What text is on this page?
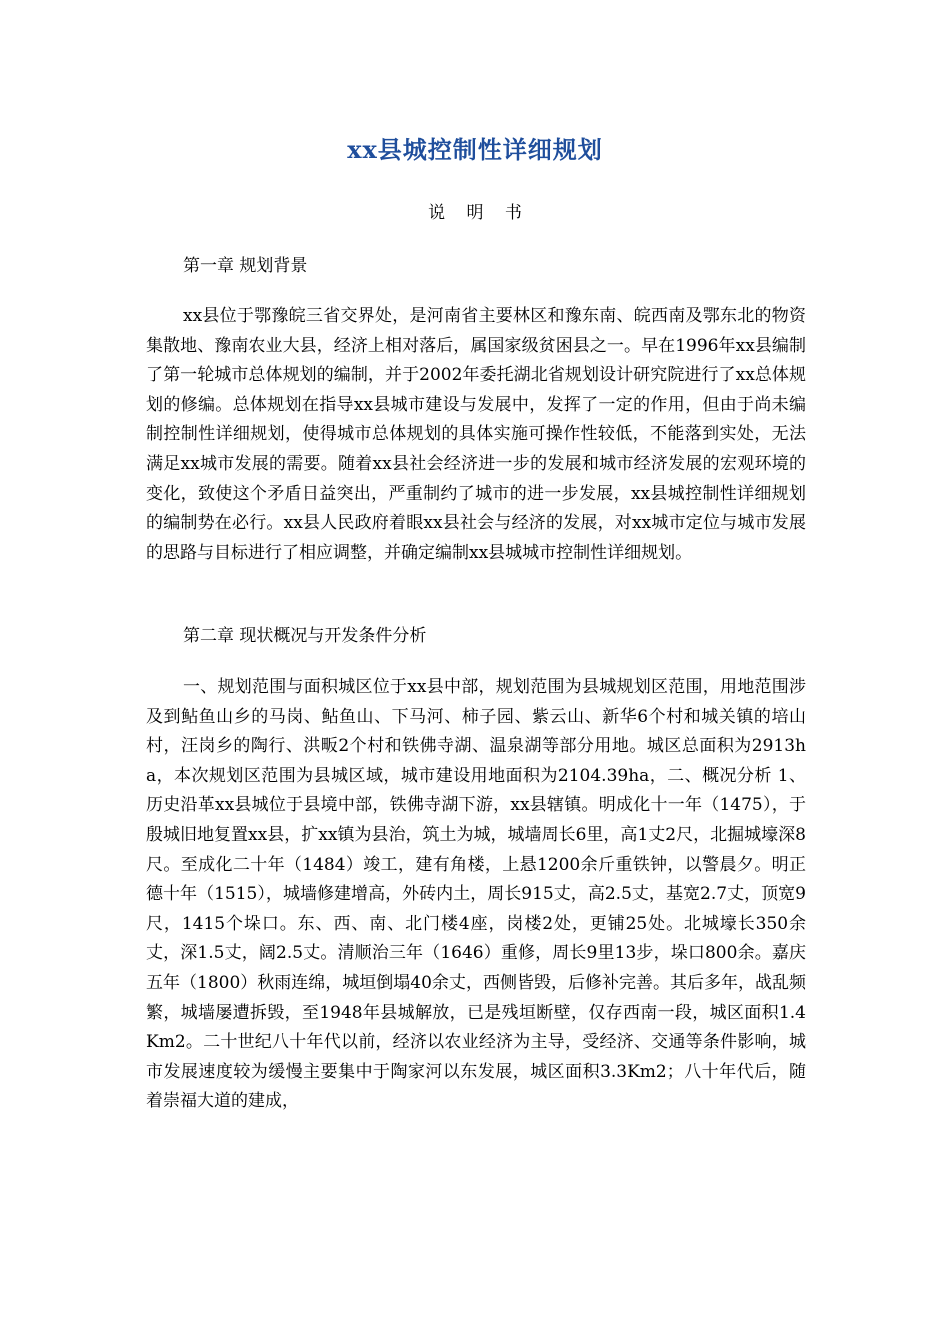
xx县城控制性详细规划
说 明 书
第一章 规划背景

xx县位于鄂豫皖三省交界处，是河南省主要林区和豫东南、皖西南及鄂东北的物资集散地、豫南农业大县，经济上相对落后，属国家级贫困县之一。早在1996年xx县编制了第一轮城市总体规划的编制，并于2002年委托湖北省规划设计研究院进行了xx总体规划的修编。总体规划在指导xx县城市建设与发展中，发挥了一定的作用，但由于尚未编制控制性详细规划，使得城市总体规划的具体实施可操作性较低，不能落到实处，无法满足xx城市发展的需要。随着xx县社会经济进一步的发展和城市经济发展的宏观环境的变化，致使这个矛盾日益突出，严重制约了城市的进一步发展，xx县城控制性详细规划的编制势在必行。xx县人民政府着眼xx县社会与经济的发展，对xx城市定位与城市发展的思路与目标进行了相应调整，并确定编制xx县城城市控制性详细规划。

第二章 现状概况与开发条件分析

一、规划范围与面积城区位于xx县中部，规划范围为县城规划区范围，用地范围涉及到鲇鱼山乡的马岗、鲇鱼山、下马河、柿子园、紫云山、新华6个村和城关镇的培山村，汪岗乡的陶行、洪畈2个村和铁佛寺湖、温泉湖等部分用地。城区总面积为2913ha，本次规划区范围为县城区域，城市建设用地面积为2104.39ha，二、概况分析 1、历史沿革xx县城位于县境中部，铁佛寺湖下游，xx县辖镇。明成化十一年（1475），于殷城旧地复置xx县，扩xx镇为县治，筑土为城，城墙周长6里，高1丈2尺，北掘城壕深8尺。至成化二十年（1484）竣工，建有角楼，上悬1200余斤重铁钟，以警晨夕。明正德十年（1515），城墙修建增高，外砖内土，周长915丈，高2.5丈，基宽2.7丈，顶宽9尺，1415个垛口。东、西、南、北门楼4座，岗楼2处，更铺25处。北城壕长350余丈，深1.5丈，阔2.5丈。清顺治三年（1646）重修，周长9里13步，垛口800余。嘉庆五年（1800）秋雨连绵，城垣倒塌40余丈，西侧皆毁，后修补完善。其后多年，战乱频繁，城墙屡遭拆毁，至1948年县城解放，已是残垣断壁，仅存西南一段，城区面积1.4Km2。二十世纪八十年代以前，经济以农业经济为主导，受经济、交通等条件影响，城市发展速度较为缓慢主要集中于陶家河以东发展，城区面积3.3Km2；八十年代后，随着崇福大道的建成，
